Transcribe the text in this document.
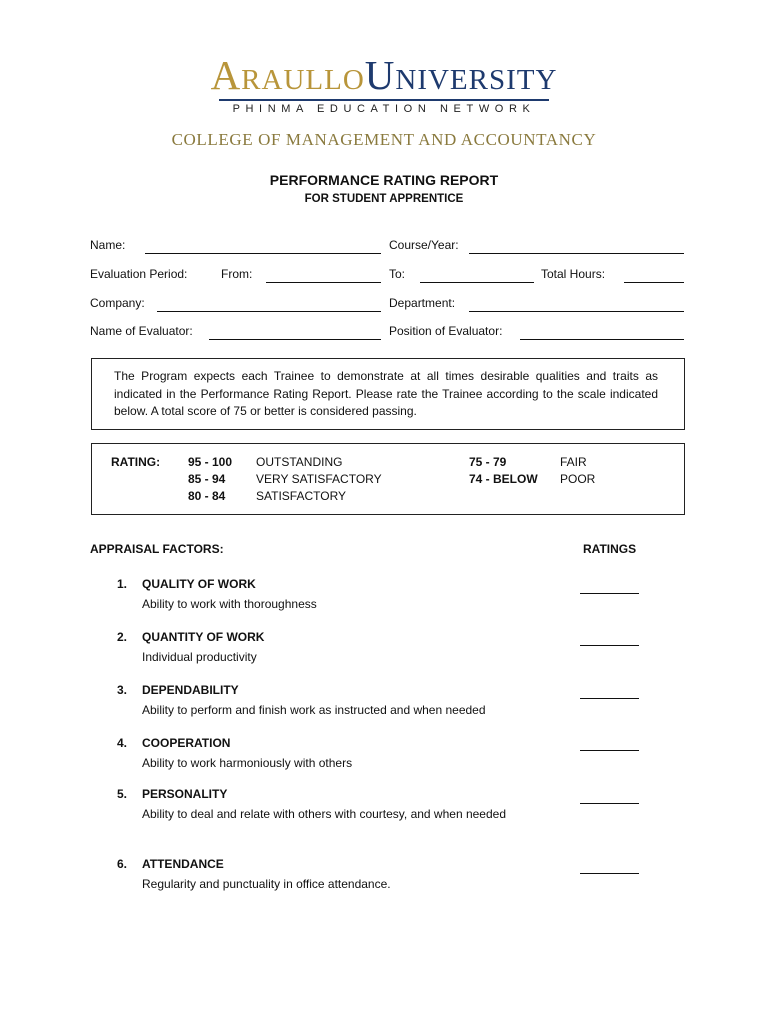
ARAULLOUNIVERSITY
PHINMA EDUCATION NETWORK
COLLEGE OF MANAGEMENT AND ACCOUNTANCY
PERFORMANCE RATING REPORT
FOR STUDENT APPRENTICE
Name:	Course/Year:
Evaluation Period:	From:	To:	Total Hours:
Company:	Department:
Name of Evaluator:	Position of Evaluator:
The Program expects each Trainee to demonstrate at all times desirable qualities and traits as indicated in the Performance Rating Report. Please rate the Trainee according to the scale indicated below. A total score of 75 or better is considered passing.
RATING: 95 - 100 OUTSTANDING
85 - 94	VERY SATISFACTORY
80 - 84	SATISFACTORY
75 - 79	FAIR
74 - BELOW POOR
APPRAISAL FACTORS:	RATINGS
1. QUALITY OF WORK
Ability to work with thoroughness
2. QUANTITY OF WORK
Individual productivity
3. DEPENDABILITY
Ability to perform and finish work as instructed and when needed
4. COOPERATION
Ability to work harmoniously with others
5. PERSONALITY
Ability to deal and relate with others with courtesy, and when needed
6. ATTENDANCE
Regularity and punctuality in office attendance.
